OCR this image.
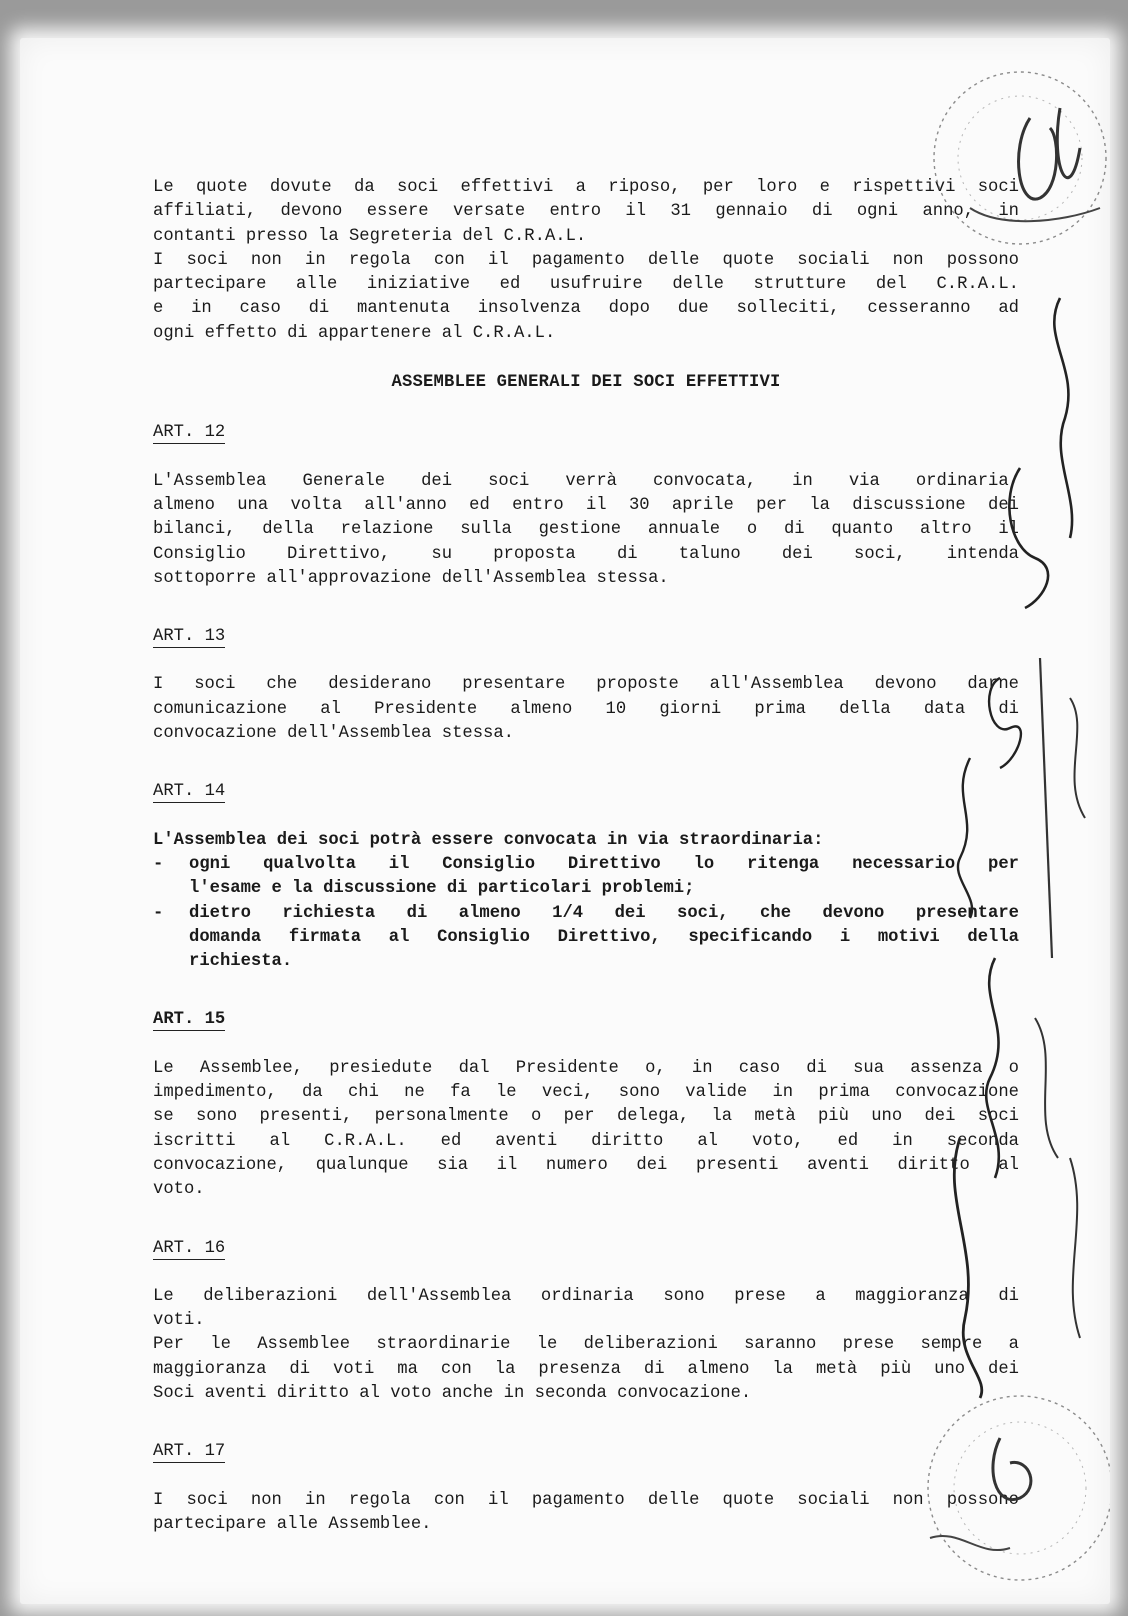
Le quote dovute da soci effettivi a riposo, per loro e rispettivi soci
affiliati, devono essere versate entro il 31 gennaio di ogni anno, in
contanti presso la Segreteria del C.R.A.L.
I soci non in regola con il pagamento delle quote sociali non possono
partecipare alle iniziative ed usufruire delle strutture del C.R.A.L.
e in caso di mantenuta insolvenza dopo due solleciti, cesseranno ad
ogni effetto di appartenere al C.R.A.L.

ASSEMBLEE GENERALI DEI SOCI EFFETTIVI
ART. 12

L'Assemblea Generale dei soci verrà convocata, in via ordinaria,
almeno una volta all'anno ed entro il 30 aprile per la discussione dei
bilanci, della relazione sulla gestione annuale o di quanto altro il
Consiglio Direttivo, su proposta di taluno dei soci, intenda
sottoporre all'approvazione dell'Assemblea stessa.

ART. 13

I soci che desiderano presentare proposte all'Assemblea devono darne
comunicazione al Presidente almeno 10 giorni prima della data di
convocazione dell'Assemblea stessa.

ART. 14
L'Assemblea dei soci potrà essere convocata in via straordinaria:
- ogni qualvolta il Consiglio Direttivo lo ritenga necessario per
l'esame e la discussione di particolari problemi;
- dietro richiesta di almeno 1/4 dei soci, che devono presentare
domanda firmata al Consiglio Direttivo, specificando i motivi della
richiesta.
ART. 15

Le Assemblee, presiedute dal Presidente o, in caso di sua assenza o
impedimento, da chi ne fa le veci, sono valide in prima convocazione
se sono presenti, personalmente o per delega, la metà più uno dei soci
iscritti al C.R.A.L. ed aventi diritto al voto, ed in seconda
convocazione, qualunque sia il numero dei presenti aventi diritto al
voto.

ART. 16

Le deliberazioni dell'Assemblea ordinaria sono prese a maggioranza di
voti.
Per le Assemblee straordinarie le deliberazioni saranno prese sempre a
maggioranza di voti ma con la presenza di almeno la metà più uno dei
Soci aventi diritto al voto anche in seconda convocazione.

ART. 17

I soci non in regola con il pagamento delle quote sociali non possono
partecipare alle Assemblee.
